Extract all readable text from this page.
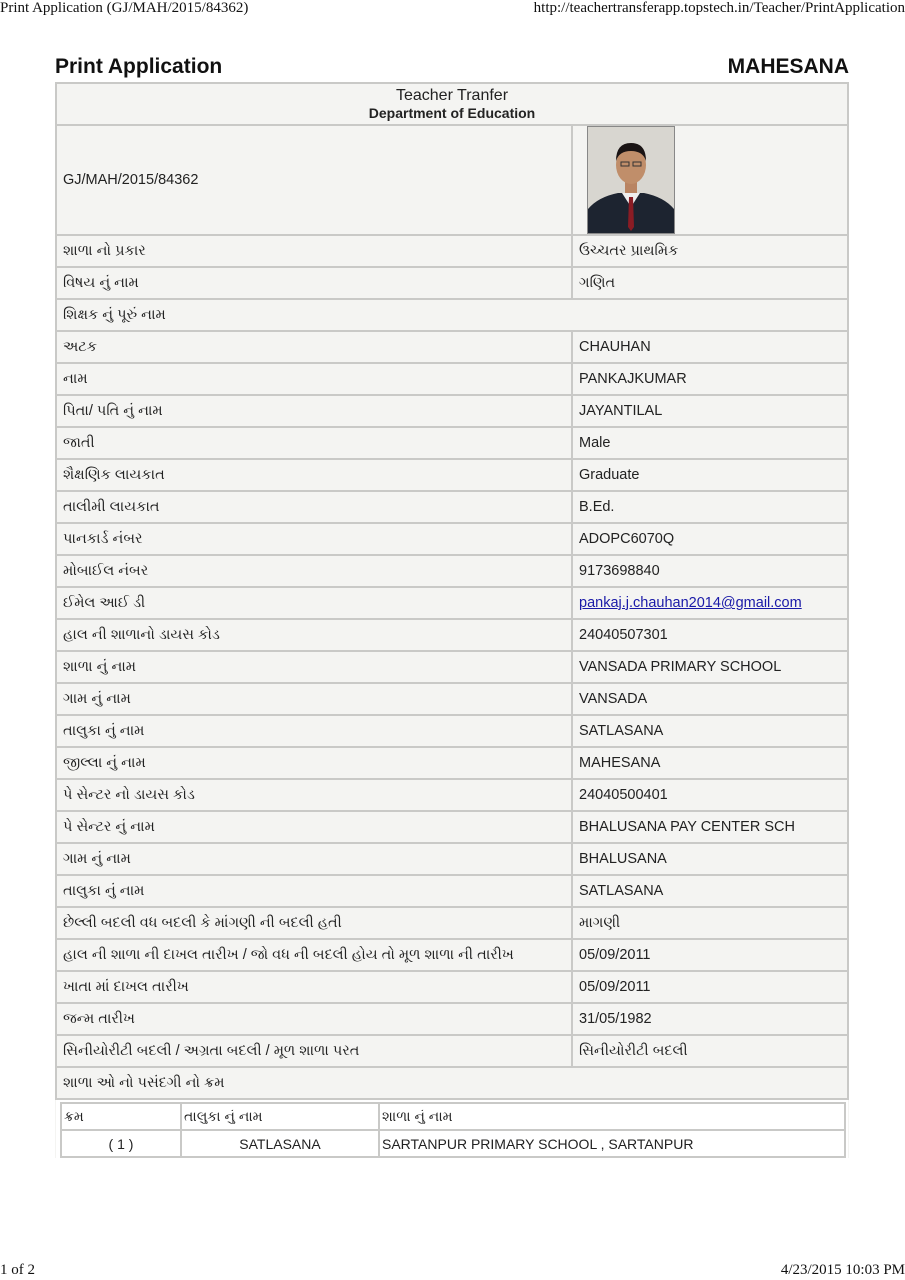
Print Application (GJ/MAH/2015/84362)	http://teachertransferapp.topstech.in/Teacher/PrintApplication
Print Application	MAHESANA
Teacher Tranfer
Department of Education

GJ/MAH/2015/84362	

શાળા નો પ્રકાર	ઉચ્ચતર પ્રાથમિક
વિષય નું નામ	ગણિત
શિક્ષક નું પૂરું નામ
અટક	CHAUHAN
નામ	PANKAJKUMAR
પિતા/ પતિ નું નામ	JAYANTILAL
જાતી	Male
શૈક્ષણિક લાયકાત	Graduate
તાલીમી લાયકાત	B.Ed.
પાનકાર્ડ નંબર	ADOPC6070Q
મોબાઈલ નંબર	9173698840
ઈમેલ આઈ ડી	pankaj.j.chauhan2014@gmail.com
હાલ ની શાળાનો ડાયસ કોડ	24040507301
શાળા નું નામ	VANSADA PRIMARY SCHOOL
ગામ નું નામ	VANSADA
તાલુકા નું નામ	SATLASANA
જીલ્લા નું નામ	MAHESANA
પે સેન્ટર નો ડાયસ કોડ	24040500401
પે સેન્ટર નું નામ	BHALUSANA PAY CENTER SCH
ગામ નું નામ	BHALUSANA
તાલુકા નું નામ	SATLASANA
છેલ્લી બદલી વધ બદલી કે માંગણી ની બદલી હતી	માગણી
હાલ ની શાળા ની દાખલ તારીખ / જો વધ ની બદલી હોય તો મૂળ શાળા ની તારીખ	05/09/2011
ખાતા માં દાખલ તારીખ	05/09/2011
જન્મ તારીખ	31/05/1982
સિનીયોરીટી બદલી / અગ્રતા બદલી / મૂળ શાળા પરત	સિનીયોરીટી બદલી
શાળા ઓ નો પસંદગી નો ક્રમ

ક્રમ	તાલુકા નું નામ	શાળા નું નામ
( 1 )	SATLASANA	SARTANPUR PRIMARY SCHOOL , SARTANPUR
1 of 2	4/23/2015 10:03 PM
